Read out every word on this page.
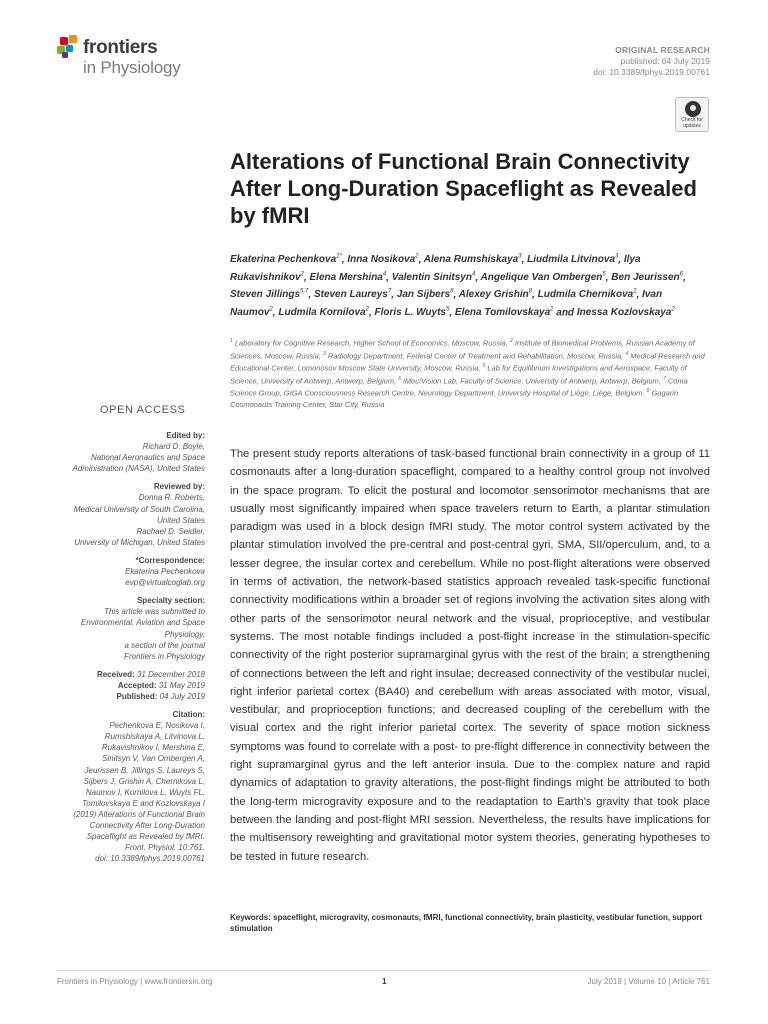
frontiers
in Physiology
ORIGINAL RESEARCH
published: 04 July 2019
doi: 10.3389/fphys.2019.00761
Check for updates
Alterations of Functional Brain Connectivity After Long-Duration Spaceflight as Revealed by fMRI
Ekaterina Pechenkova$^{1*}$, Inna Nosikova$^2$, Alena Rumshiskaya$^3$, Liudmila Litvinova$^3$, Ilya Rukavishnikov$^2$, Elena Mershina$^4$, Valentin Sinitsyn$^4$, Angelique Van Ombergen$^5$, Ben Jeurissen$^6$, Steven Jillings$^{5,7}$, Steven Laureys$^7$, Jan Sijbers$^6$, Alexey Grishin$^8$, Ludmila Chernikova$^2$, Ivan Naumov$^2$, Ludmila Kornilova$^2$, Floris L. Wuyts$^5$, Elena Tomilovskaya$^2$ and Inessa Kozlovskaya$^2$
$^1$ Laboratory for Cognitive Research, Higher School of Economics, Moscow, Russia, $^2$ Institute of Biomedical Problems, Russian Academy of Sciences, Moscow, Russia, $^3$ Radiology Department, Federal Center of Treatment and Rehabilitation, Moscow, Russia, $^4$ Medical Research and Educational Center, Lomonosov Moscow State University, Moscow, Russia, $^5$ Lab for Equilibrium Investigations and Aerospace, Faculty of Science, University of Antwerp, Antwerp, Belgium, $^6$ iMec/Vision Lab, Faculty of Science, University of Antwerp, Antwerp, Belgium, $^7$ Coma Science Group, GIGA Consciousness Research Centre, Neurology Department, University Hospital of Liège, Liège, Belgium, $^8$ Gagarin Cosmonauts Training Center, Star City, Russia
OPEN ACCESS
Edited by:
Richard D. Boyle,
National Aeronautics and Space
Administration (NASA), United States
Reviewed by:
Donna R. Roberts,
Medical University of South Carolina,
United States
Rachael D. Seidler,
University of Michigan, United States
*Correspondence:
Ekaterina Pechenkova
evp@virtualcoglab.org
Specialty section:
This article was submitted to
Environmental, Aviation and Space
Physiology,
a section of the journal
Frontiers in Physiology
Received: 31 December 2018
Accepted: 31 May 2019
Published: 04 July 2019
Citation:
Pechenkova E, Nosikova I,
Rumshiskaya A, Litvinova L,
Rukavishnikov I, Mershina E,
Sinitsyn V, Van Ombergen A,
Jeurissen B, Jillings S, Laureys S,
Sijbers J, Grishin A, Chernikova L,
Naumov I, Kornilova L, Wuyts FL,
Tomilovskaya E and Kozlovskaya I
(2019) Alterations of Functional Brain
Connectivity After Long-Duration
Spaceflight as Revealed by fMRI.
Front. Physiol. 10:761.
doi: 10.3389/fphys.2019.00761
The present study reports alterations of task-based functional brain connectivity in a group of 11 cosmonauts after a long-duration spaceflight, compared to a healthy control group not involved in the space program. To elicit the postural and locomotor sensorimotor mechanisms that are usually most significantly impaired when space travelers return to Earth, a plantar stimulation paradigm was used in a block design fMRI study. The motor control system activated by the plantar stimulation involved the pre-central and post-central gyri, SMA, SII/operculum, and, to a lesser degree, the insular cortex and cerebellum. While no post-flight alterations were observed in terms of activation, the network-based statistics approach revealed task-specific functional connectivity modifications within a broader set of regions involving the activation sites along with other parts of the sensorimotor neural network and the visual, proprioceptive, and vestibular systems. The most notable findings included a post-flight increase in the stimulation-specific connectivity of the right posterior supramarginal gyrus with the rest of the brain; a strengthening of connections between the left and right insulae; decreased connectivity of the vestibular nuclei, right inferior parietal cortex (BA40) and cerebellum with areas associated with motor, visual, vestibular, and proprioception functions; and decreased coupling of the cerebellum with the visual cortex and the right inferior parietal cortex. The severity of space motion sickness symptoms was found to correlate with a post- to pre-flight difference in connectivity between the right supramarginal gyrus and the left anterior insula. Due to the complex nature and rapid dynamics of adaptation to gravity alterations, the post-flight findings might be attributed to both the long-term microgravity exposure and to the readaptation to Earth's gravity that took place between the landing and post-flight MRI session. Nevertheless, the results have implications for the multisensory reweighting and gravitational motor system theories, generating hypotheses to be tested in future research.
Keywords: spaceflight, microgravity, cosmonauts, fMRI, functional connectivity, brain plasticity, vestibular function, support stimulation
Frontiers in Physiology | www.frontiersin.org	1	July 2019 | Volume 10 | Article 761
